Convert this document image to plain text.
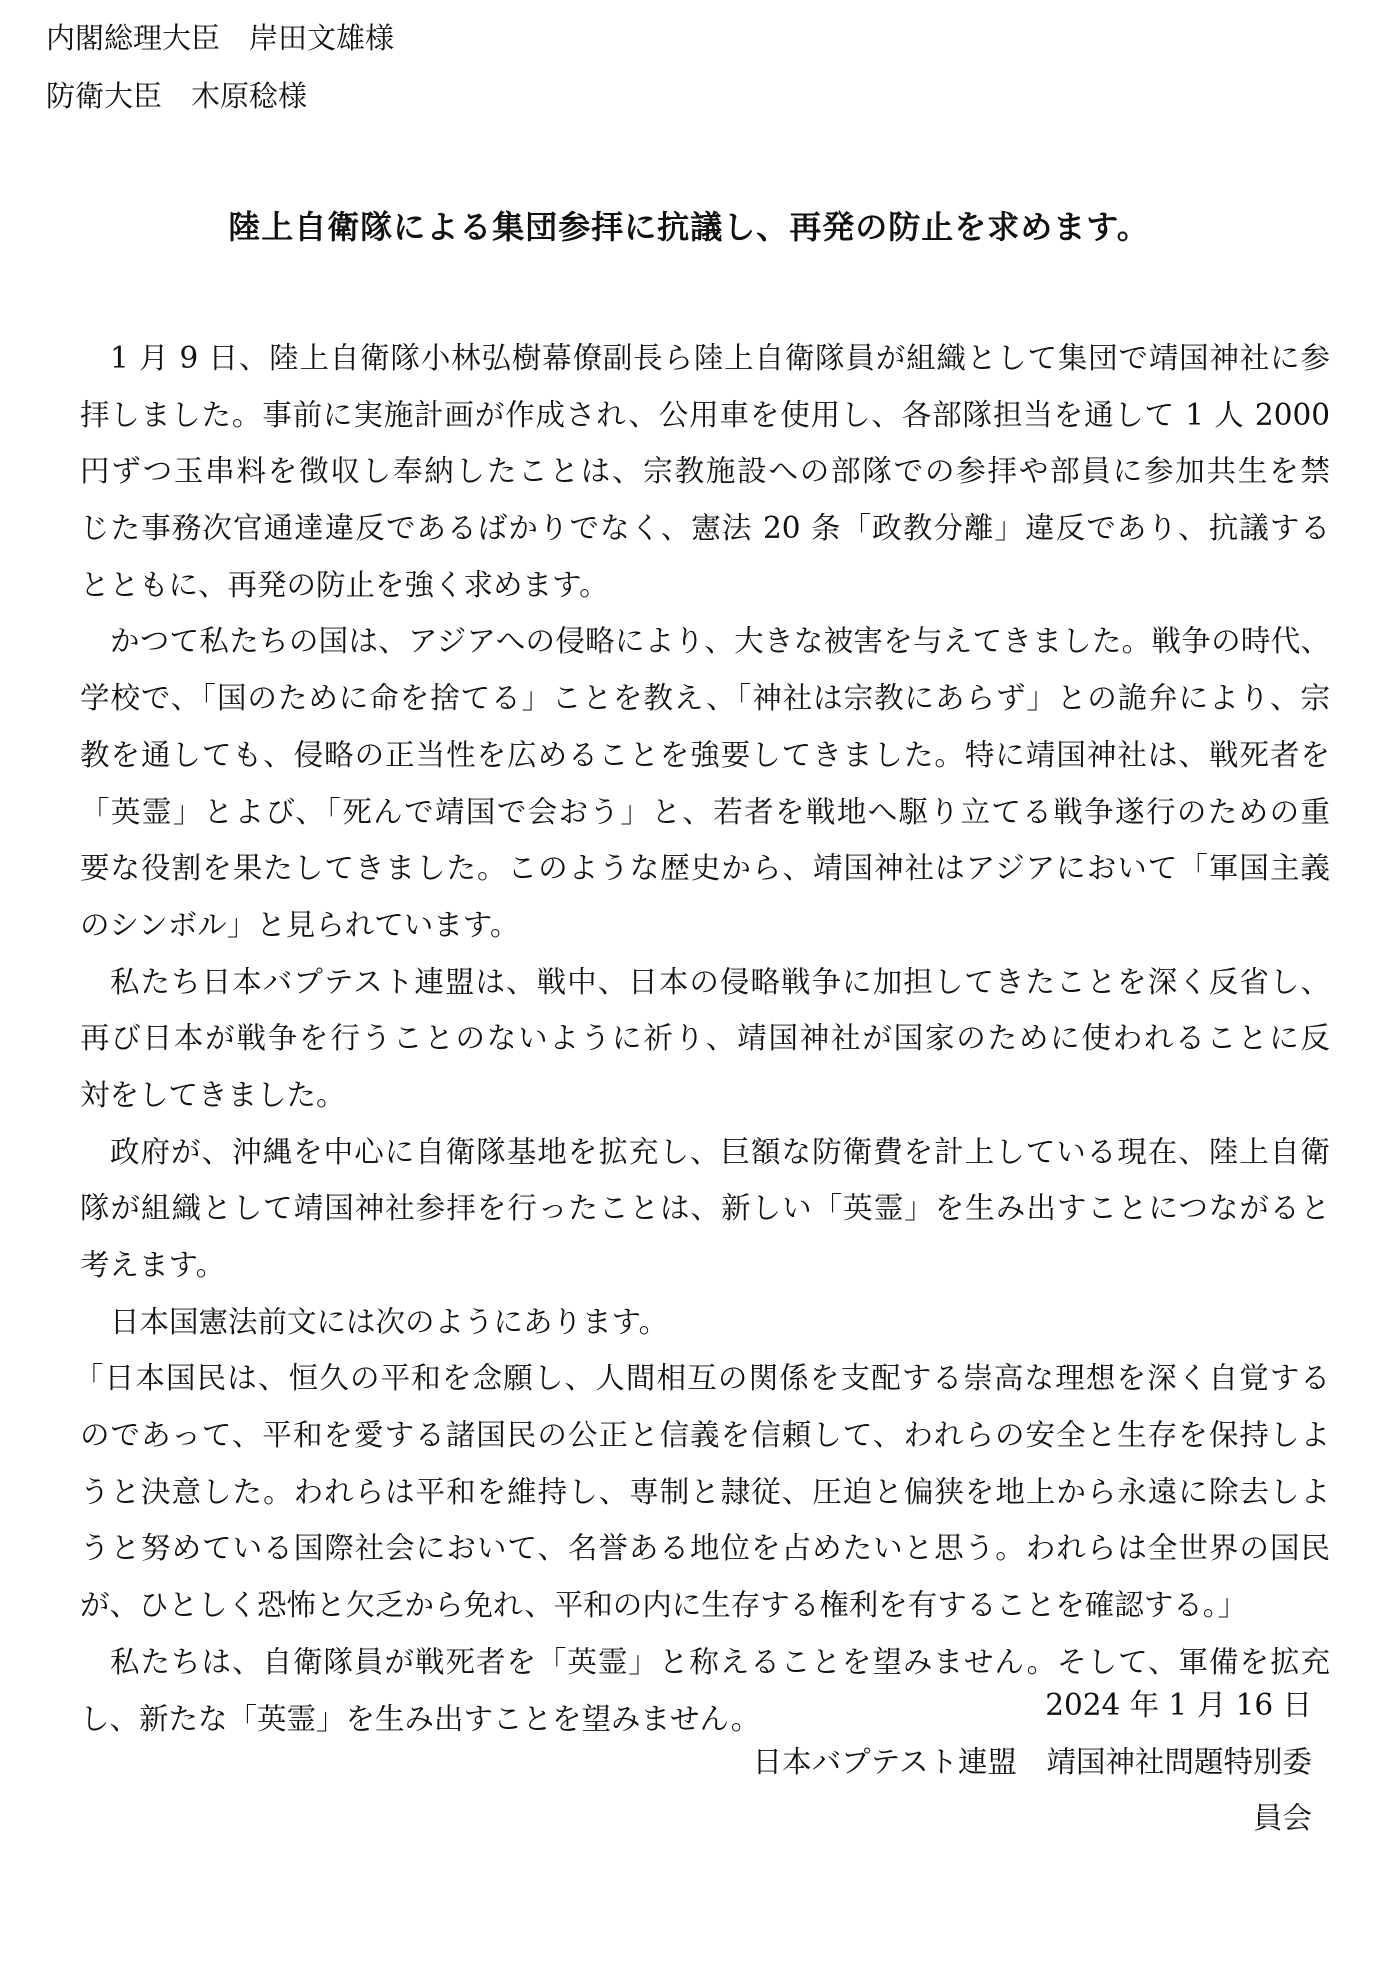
内閣総理大臣　岸田文雄様
防衛大臣　木原稔様
陸上自衛隊による集団参拝に抗議し、再発の防止を求めます。
1 月 9 日、陸上自衛隊小林弘樹幕僚副長ら陸上自衛隊員が組織として集団で靖国神社に参
拝しました。事前に実施計画が作成され、公用車を使用し、各部隊担当を通して 1 人 2000
円ずつ玉串料を徴収し奉納したことは、宗教施設への部隊での参拝や部員に参加共生を禁
じた事務次官通達違反であるばかりでなく、憲法 20 条「政教分離」違反であり、抗議する
とともに、再発の防止を強く求めます。
かつて私たちの国は、アジアへの侵略により、大きな被害を与えてきました。戦争の時代、
学校で、「国のために命を捨てる」ことを教え、「神社は宗教にあらず」との詭弁により、宗
教を通しても、侵略の正当性を広めることを強要してきました。特に靖国神社は、戦死者を
「英霊」とよび、「死んで靖国で会おう」と、若者を戦地へ駆り立てる戦争遂行のための重
要な役割を果たしてきました。このような歴史から、靖国神社はアジアにおいて「軍国主義
のシンボル」と見られています。
私たち日本バプテスト連盟は、戦中、日本の侵略戦争に加担してきたことを深く反省し、
再び日本が戦争を行うことのないように祈り、靖国神社が国家のために使われることに反
対をしてきました。
政府が、沖縄を中心に自衛隊基地を拡充し、巨額な防衛費を計上している現在、陸上自衛
隊が組織として靖国神社参拝を行ったことは、新しい「英霊」を生み出すことにつながると
考えます。
日本国憲法前文には次のようにあります。
「日本国民は、恒久の平和を念願し、人間相互の関係を支配する崇高な理想を深く自覚する
のであって、平和を愛する諸国民の公正と信義を信頼して、われらの安全と生存を保持しよ
うと決意した。われらは平和を維持し、専制と隷従、圧迫と偏狭を地上から永遠に除去しよ
うと努めている国際社会において、名誉ある地位を占めたいと思う。われらは全世界の国民
が、ひとしく恐怖と欠乏から免れ、平和の内に生存する権利を有することを確認する。」
私たちは、自衛隊員が戦死者を「英霊」と称えることを望みません。そして、軍備を拡充
し、新たな「英霊」を生み出すことを望みません。	2024 年 1 月 16 日
日本バプテスト連盟　靖国神社問題特別委
員会
